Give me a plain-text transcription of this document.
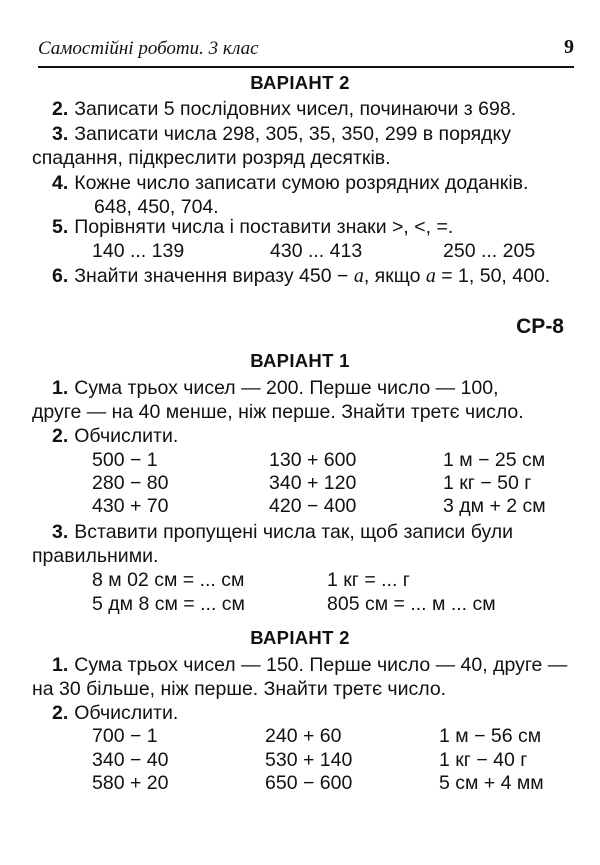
Самостійні роботи. 3 клас	9
ВАРІАНТ 2
2. Записати 5 послідовних чисел, починаючи з 698.
3. Записати числа 298, 305, 35, 350, 299 в порядку
спадання, підкреслити розряд десятків.
4. Кожне число записати сумою розрядних доданків.
648, 450, 704.
5. Порівняти числа і поставити знаки >, <, =.
140 ... 139	430 ... 413	250 ... 205
6. Знайти значення виразу 450 − a, якщо a = 1, 50, 400.
СР-8
ВАРІАНТ 1
1. Сума трьох чисел — 200. Перше число — 100,
друге — на 40 менше, ніж перше. Знайти третє число.
2. Обчислити.
500 − 1	130 + 600	1 м − 25 см
280 − 80	340 + 120	1 кг − 50 г
430 + 70	420 − 400	3 дм + 2 см
3. Вставити пропущені числа так, щоб записи були
правильними.
8 м 02 см = ... см	1 кг = ... г
5 дм 8 см = ... см	805 см = ... м ... см
ВАРІАНТ 2
1. Сума трьох чисел — 150. Перше число — 40, друге —
на 30 більше, ніж перше. Знайти третє число.
2. Обчислити.
700 − 1	240 + 60	1 м − 56 см
340 − 40	530 + 140	1 кг − 40 г
580 + 20	650 − 600	5 см + 4 мм
